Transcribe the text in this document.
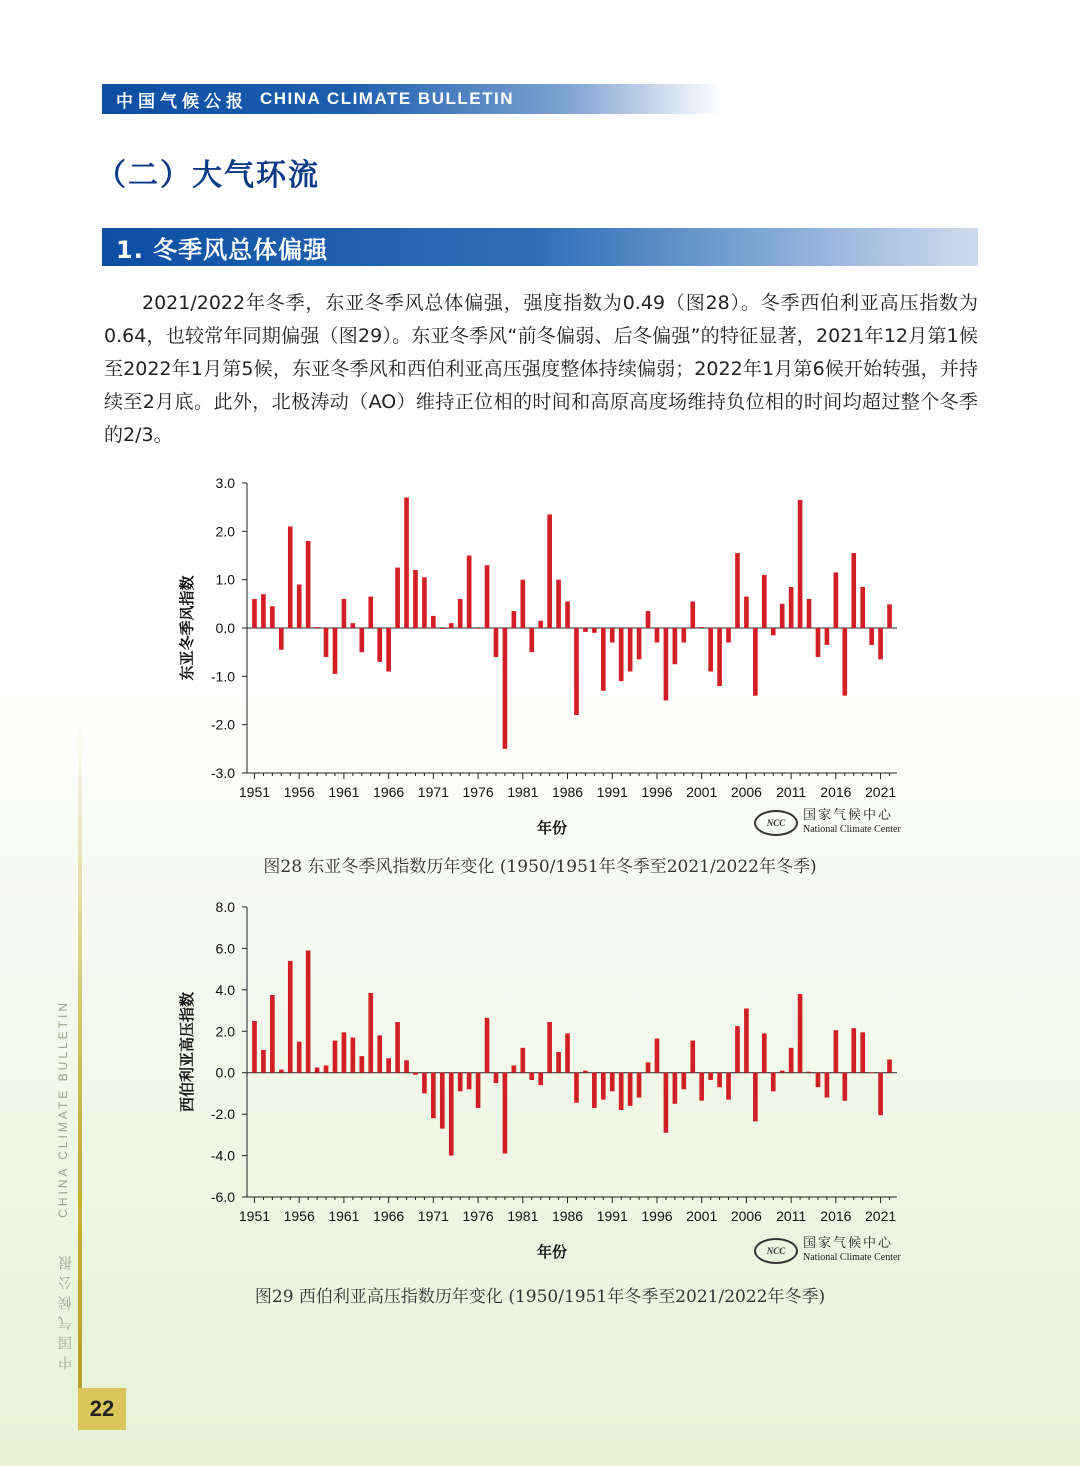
中国气候公报 CHINA CLIMATE BULLETIN
（二）大气环流
1. 冬季风总体偏强
2021/2022年冬季，东亚冬季风总体偏强，强度指数为0.49（图28）。冬季西伯利亚高压指数为0.64，也较常年同期偏强（图29）。东亚冬季风“前冬偏弱、后冬偏强”的特征显著，2021年12月第1候至2022年1月第5候，东亚冬季风和西伯利亚高压强度整体持续偏弱；2022年1月第6候开始转强，并持续至2月底。此外，北极涛动（AO）维持正位相的时间和高原高度场维持负位相的时间均超过整个冬季的2/3。
3.0
2.0
1.0
0.0
-1.0
-2.0
-3.0
1951 1956 1961 1966 1971 1976 1981 1986 1991 1996 2001 2006 2011 2016 2021
年份
东亚冬季风指数
NCC	国家气候中心
National Climate Center
图28 东亚冬季风指数历年变化 (1950/1951年冬季至2021/2022年冬季)
8.0
6.0
4.0
2.0
0.0
-2.0
-4.0
-6.0
1951 1956 1961 1966 1971 1976 1981 1986 1991 1996 2001 2006 2011 2016 2021
年份
西伯利亚高压指数
NCC	国家气候中心
National Climate Center
图29 西伯利亚高压指数历年变化 (1950/1951年冬季至2021/2022年冬季)
CHINA CLIMATE BULLETIN
中国气候公报
22
